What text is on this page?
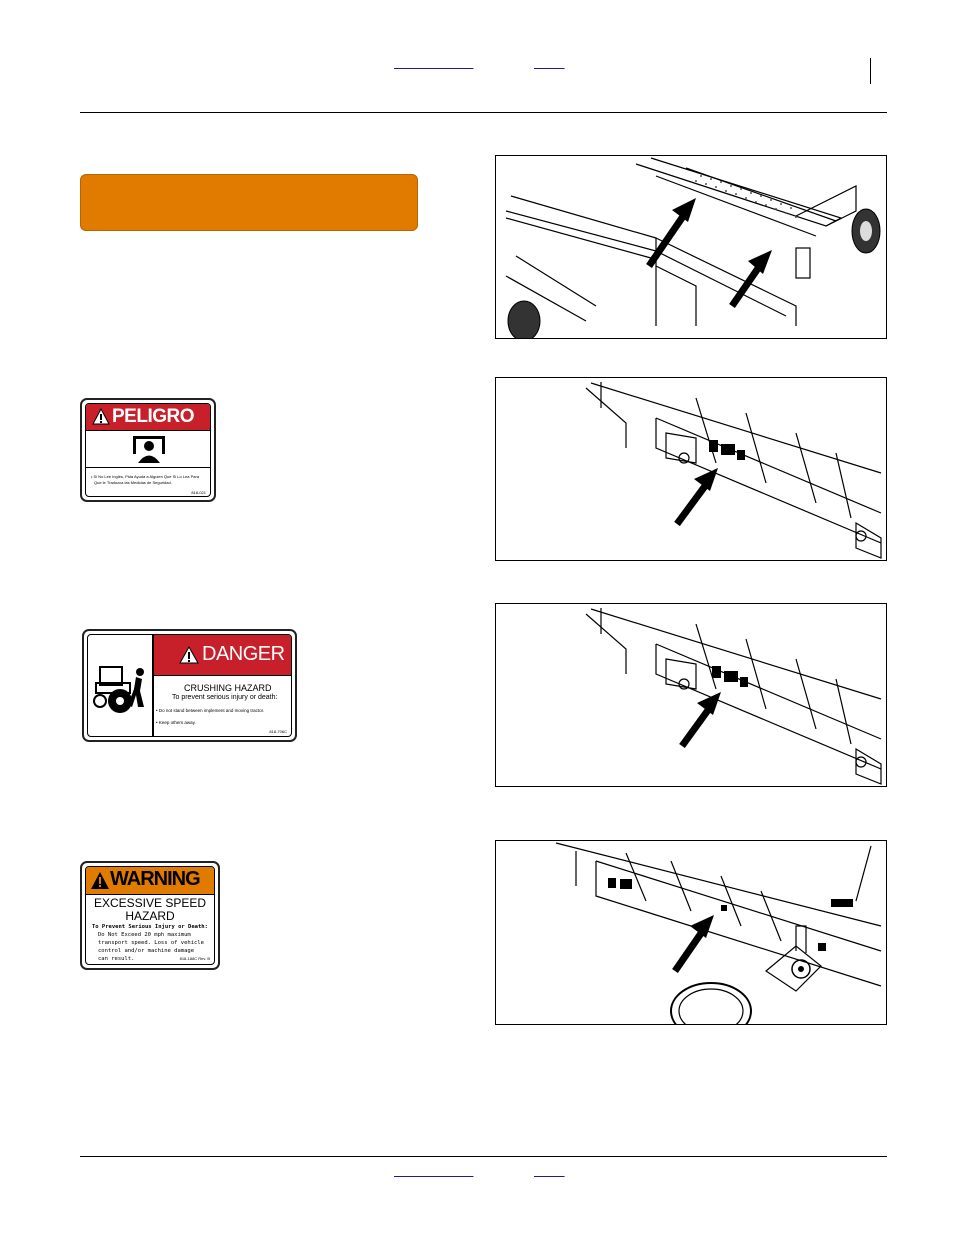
PELIGRO
• Si No Lee Inglés, Pida Ayuda a Alguien Que Si Lo Lea Para
Que le Traduzca las Medidas de Seguridad.
818-021
DANGER
CRUSHING HAZARD
To prevent serious injury or death:
• Do not stand between implement and moving tractor.
• Keep others away.
818-706C
WARNING
EXCESSIVE SPEED
HAZARD
To Prevent Serious Injury or Death:
Do Not Exceed 20 mph maximum
transport speed. Loss of vehicle
control and/or machine damage
can result.	818-188C Rev. B
